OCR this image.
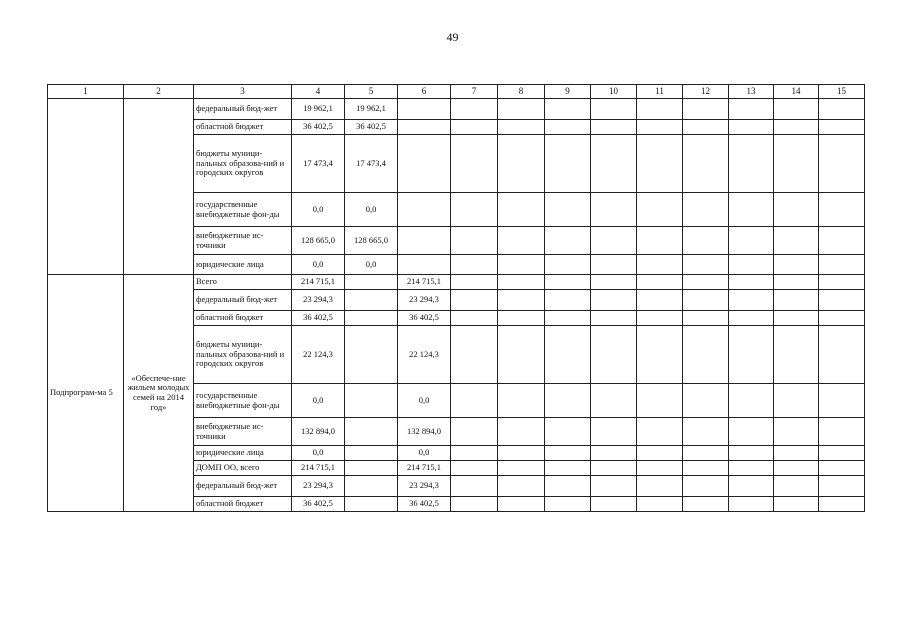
49
1	2	3	4	5	6	7	8	9	10	11	12	13	14	15
		федеральный бюд-жет	19 962,1	19 962,1										
		областной бюджет	36 402,5	36 402,5										
		бюджеты муници-пальных образова-ний и городских округов	17 473,4	17 473,4										
		государственные внебюджетные фон-ды	0,0	0,0										
		внебюджетные ис-точники	128 665,0	128 665,0										
		юридические лица	0,0	0,0										
Подпрограм-ма 5	«Обеспече-ние жильем молодых семей на 2014 год»	Всего	214 715,1		214 715,1									
		федеральный бюд-жет	23 294,3		23 294,3									
		областной бюджет	36 402,5		36 402,5									
		бюджеты муници-пальных образова-ний и городских округов	22 124,3		22 124,3									
		государственные внебюджетные фон-ды	0,0		0,0									
		внебюджетные ис-точники	132 894,0		132 894,0									
		юридические лица	0,0		0,0									
		ДОМП ОО, всего	214 715,1		214 715,1									
		федеральный бюд-жет	23 294,3		23 294,3									
		областной бюджет	36 402,5		36 402,5									
